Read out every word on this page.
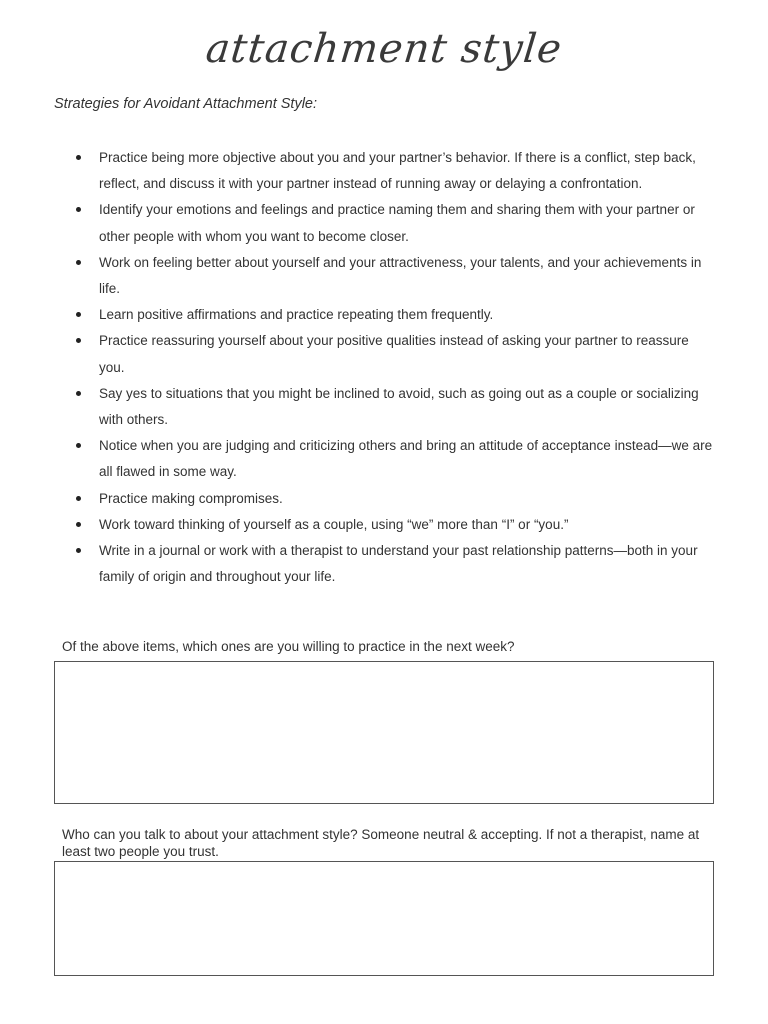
attachment style
Strategies for Avoidant Attachment Style:
Practice being more objective about you and your partner’s behavior. If there is a conflict, step back, reflect, and discuss it with your partner instead of running away or delaying a confrontation.
Identify your emotions and feelings and practice naming them and sharing them with your partner or other people with whom you want to become closer.
Work on feeling better about yourself and your attractiveness, your talents, and your achievements in life.
Learn positive affirmations and practice repeating them frequently.
Practice reassuring yourself about your positive qualities instead of asking your partner to reassure you.
Say yes to situations that you might be inclined to avoid, such as going out as a couple or socializing with others.
Notice when you are judging and criticizing others and bring an attitude of acceptance instead—we are all flawed in some way.
Practice making compromises.
Work toward thinking of yourself as a couple, using “we” more than “I” or “you.”
Write in a journal or work with a therapist to understand your past relationship patterns—both in your family of origin and throughout your life.
Of the above items, which ones are you willing to practice in the next week?
Who can you talk to about your attachment style? Someone neutral & accepting. If not a therapist, name at least two people you trust.
